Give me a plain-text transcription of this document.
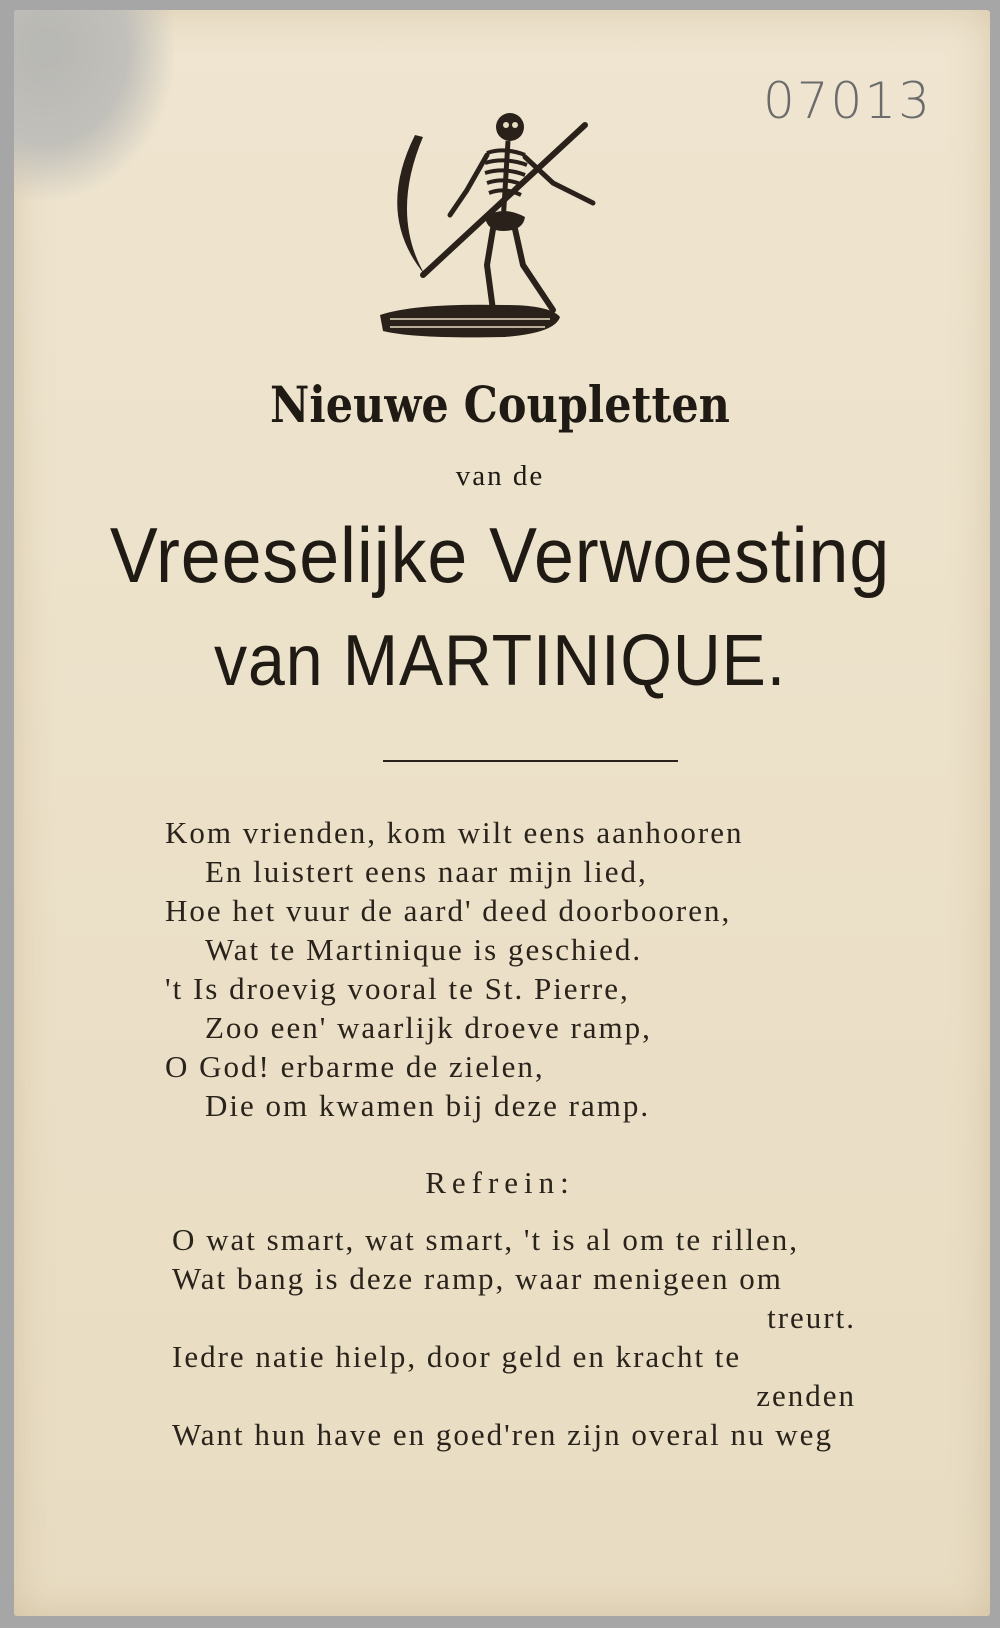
07013
Nieuwe Coupletten
van de
Vreeselijke Verwoesting
van MARTINIQUE.
Kom vrienden, kom wilt eens aanhooren
En luistert eens naar mijn lied,
Hoe het vuur de aard' deed doorbooren,
Wat te Martinique is geschied.
't Is droevig vooral te St. Pierre,
Zoo een' waarlijk droeve ramp,
O God! erbarme de zielen,
Die om kwamen bij deze ramp.
Refrein:
O wat smart, wat smart, 't is al om te rillen,
Wat bang is deze ramp, waar menigeen om
treurt.
Iedre natie hielp, door geld en kracht te
zenden
Want hun have en goed'ren zijn overal nu weg
